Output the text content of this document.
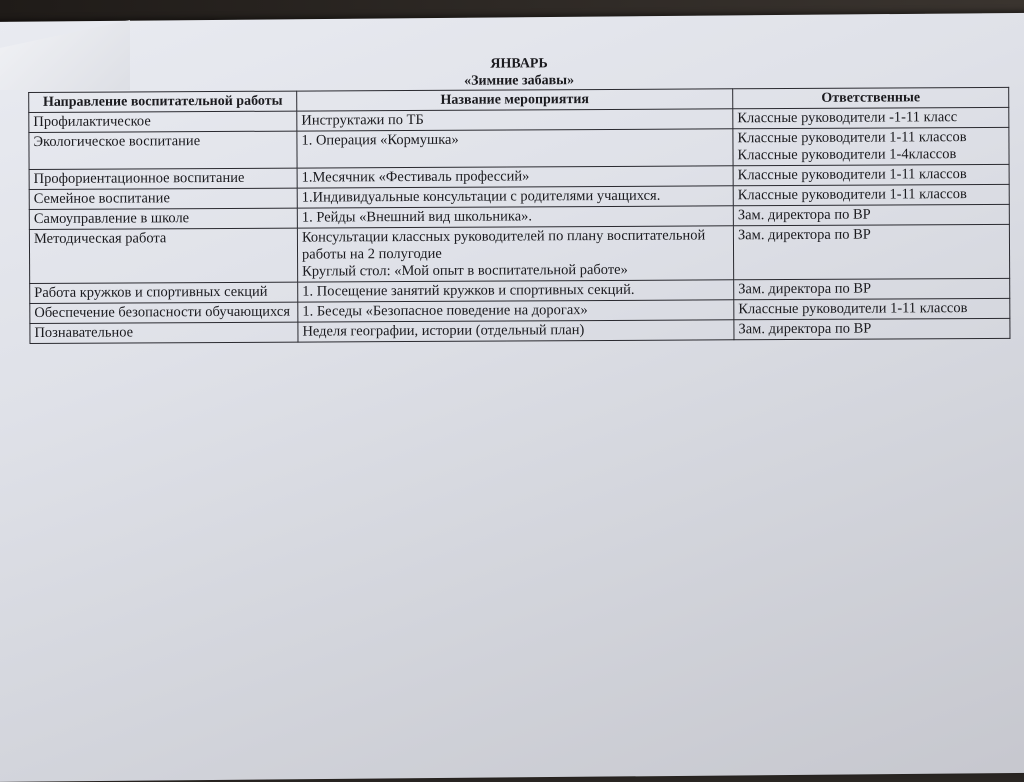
ЯНВАРЬ
«Зимние забавы»
Направление воспитательной работы	Название мероприятия	Ответственные
Профилактическое	Инструктажи по ТБ	Классные руководители -1-11 класс
Экологическое воспитание	1. Операция «Кормушка»	Классные руководители 1-11 классов
Классные руководители 1-4классов
Профориентационное воспитание	1.Месячник «Фестиваль профессий»	Классные руководители 1-11 классов
Семейное воспитание	1.Индивидуальные консультации с родителями учащихся.	Классные руководители 1-11 классов
Самоуправление в школе	1. Рейды «Внешний вид школьника».	Зам. директора по ВР
Методическая работа	Консультации классных руководителей по плану воспитательной работы на 2 полугодие
Круглый стол: «Мой опыт в воспитательной работе»	Зам. директора по ВР
Работа кружков и спортивных секций	1. Посещение занятий кружков и спортивных секций.	Зам. директора по ВР
Обеспечение безопасности обучающихся	1. Беседы «Безопасное поведение на дорогах»	Классные руководители 1-11 классов
Познавательное	Неделя географии, истории (отдельный план)	Зам. директора по ВР
